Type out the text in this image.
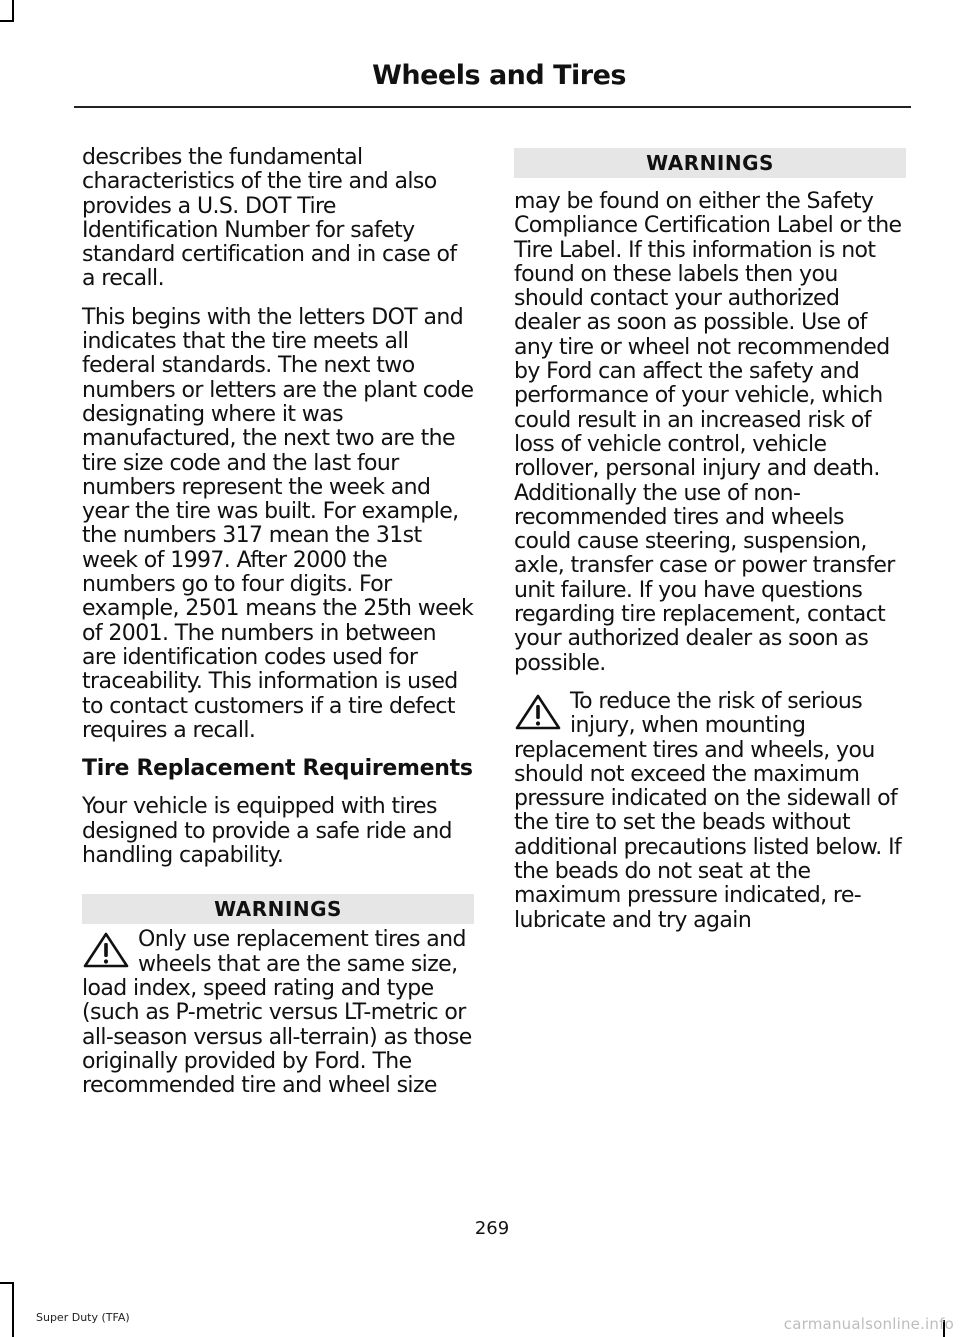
Wheels and Tires

describes the fundamental characteristics of the tire and also provides a U.S. DOT Tire Identification Number for safety standard certification and in case of a recall.

This begins with the letters DOT and indicates that the tire meets all federal standards. The next two numbers or letters are the plant code designating where it was manufactured, the next two are the tire size code and the last four numbers represent the week and year the tire was built. For example, the numbers 317 mean the 31st week of 1997. After 2000 the numbers go to four digits. For example, 2501 means the 25th week of 2001. The numbers in between are identification codes used for traceability. This information is used to contact customers if a tire defect requires a recall.

Tire Replacement Requirements

Your vehicle is equipped with tires designed to provide a safe ride and handling capability.

WARNINGS

Only use replacement tires and wheels that are the same size, load index, speed rating and type (such as P-metric versus LT-metric or all-season versus all-terrain) as those originally provided by Ford. The recommended tire and wheel size

WARNINGS

may be found on either the Safety Compliance Certification Label or the Tire Label. If this information is not found on these labels then you should contact your authorized dealer as soon as possible. Use of any tire or wheel not recommended by Ford can affect the safety and performance of your vehicle, which could result in an increased risk of loss of vehicle control, vehicle rollover, personal injury and death. Additionally the use of non-recommended tires and wheels could cause steering, suspension, axle, transfer case or power transfer unit failure. If you have questions regarding tire replacement, contact your authorized dealer as soon as possible.

To reduce the risk of serious injury, when mounting replacement tires and wheels, you should not exceed the maximum pressure indicated on the sidewall of the tire to set the beads without additional precautions listed below. If the beads do not seat at the maximum pressure indicated, re-lubricate and try again

269
Super Duty (TFA)	carmanualsonline.info
